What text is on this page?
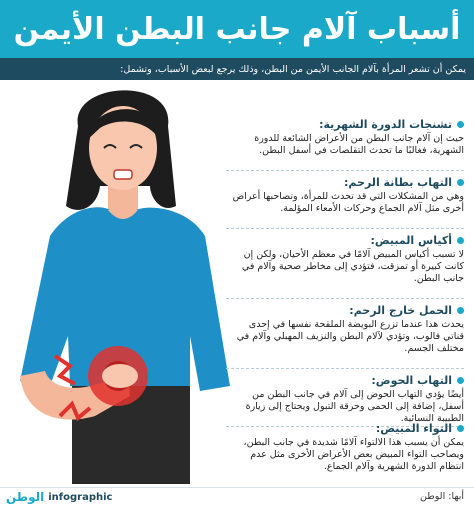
أسباب آلام جانب البطن الأيمن
يمكن أن تشعر المرأة بآلام الجانب الأيمن من البطن، وذلك يرجع لبعض الأسباب، وتشمل:
تشنجات الدورة الشهرية:
حيث إن آلام جانب البطن من الأعراض الشائعة للدورة الشهرية، فغالبًا ما تحدث التقلصات في أسفل البطن.
التهاب بطانة الرحم:
وهي من المشكلات التي قد تحدث للمرأة، وتصاحبها أعراض أخرى مثل آلام الجماع وحركات الأمعاء المؤلمة.
أكياس المبيض:
لا تسبب أكياس المبيض آلامًا في معظم الأحيان، ولكن إن كانت كبيرة أو تمزقت، فتؤدي إلى مخاطر صحية وآلام في جانب البطن.
الحمل خارج الرحم:
يحدث هذا عندما تزرع البويضة الملقحة نفسها في إحدى قناتي فالوب، وتؤدي لآلام البطن والنزيف المهبلي وآلام في مختلف الجسم.
التهاب الحوض:
أيضًا يؤدي التهاب الحوض إلى آلام في جانب البطن من أسفل، إضافة إلى الحمى وحرقة التبول ويحتاج إلى زيارة الطبيبة النسائية.
التواء المبيض:
يمكن أن يسبب هذا الالتواء آلامًا شديدة في جانب البطن، ويصاحب التواء المبيض بعض الأعراض الأخرى مثل عدم انتظام الدورة الشهرية وآلام الجماع.
الوطن infographic	أبها: الوطن
